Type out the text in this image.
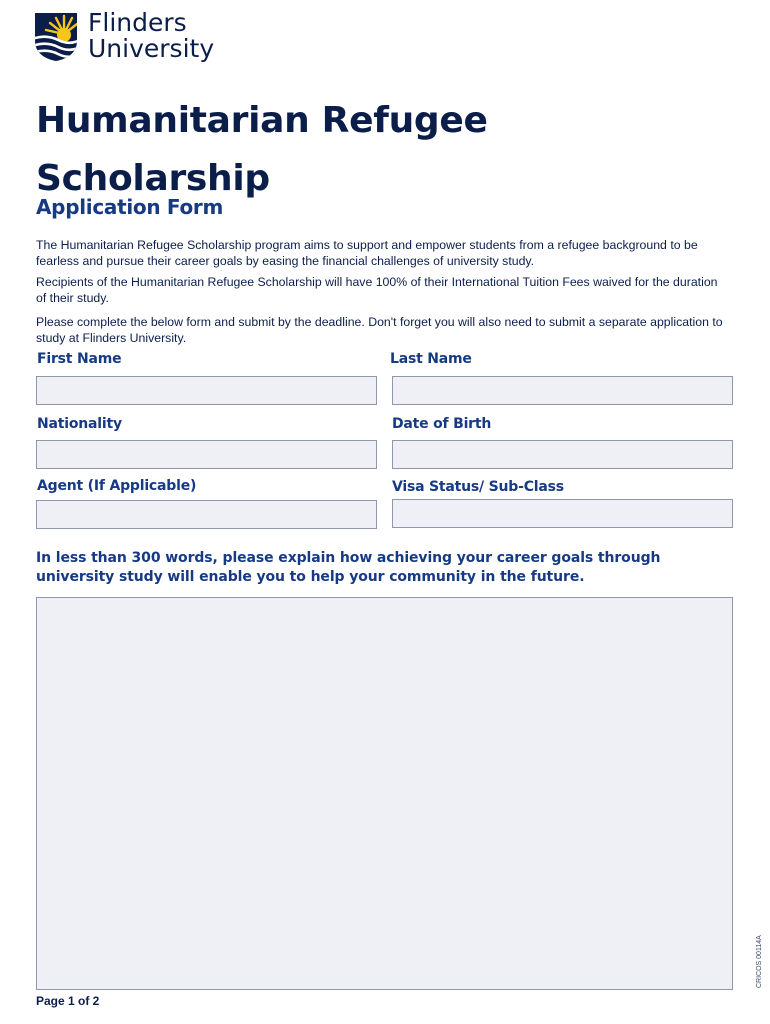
Flinders
University
Humanitarian Refugee Scholarship
Application Form

The Humanitarian Refugee Scholarship program aims to support and empower students from a refugee background to be fearless and pursue their career goals by easing the financial challenges of university study.

Recipients of the Humanitarian Refugee Scholarship will have 100% of their International Tuition Fees waived for the duration of their study.

Please complete the below form and submit by the deadline. Don't forget you will also need to submit a separate application to study at Flinders University.

First Name	Last Name
Nationality	Date of Birth
Agent (If Applicable)	Visa Status/ Sub-Class

In less than 300 words, please explain how achieving your career goals through university study will enable you to help your community in the future.

CRICOS 00114A
Page 1 of 2
